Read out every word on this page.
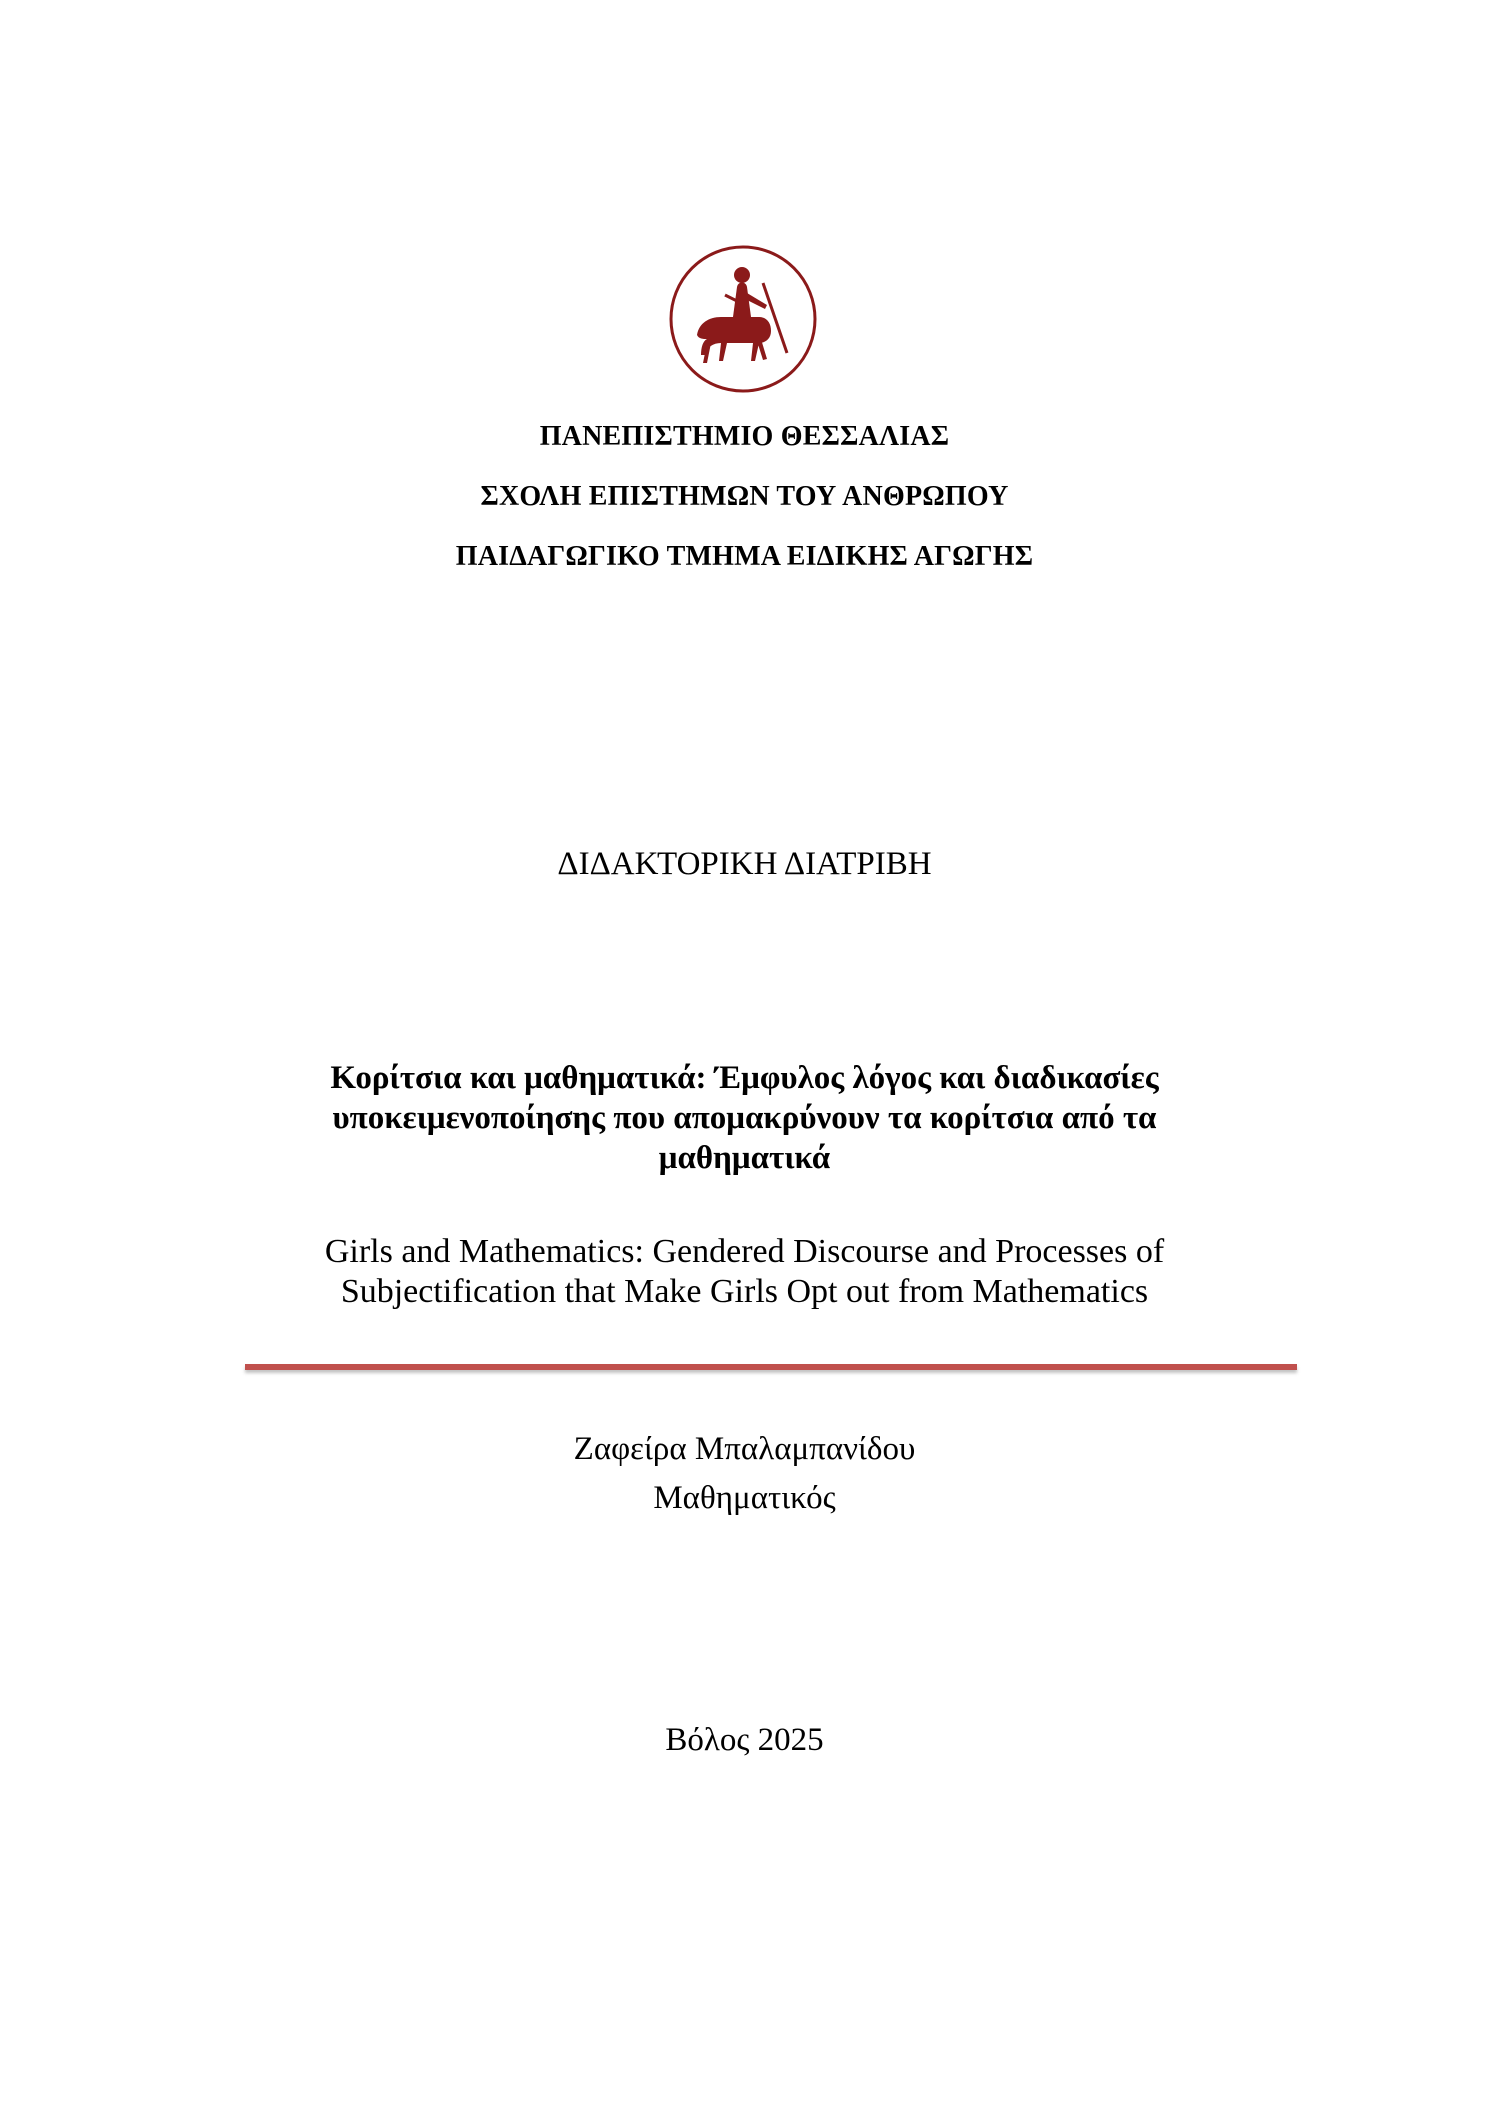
ΠΑΝΕΠΙΣΤΗΜΙΟ ΘΕΣΣΑΛΙΑΣ
ΣΧΟΛΗ ΕΠΙΣΤΗΜΩΝ ΤΟΥ ΑΝΘΡΩΠΟΥ
ΠΑΙΔΑΓΩΓΙΚΟ ΤΜΗΜΑ ΕΙΔΙΚΗΣ ΑΓΩΓΗΣ
ΔΙΔΑΚΤΟΡΙΚΗ ΔΙΑΤΡΙΒΗ
Κορίτσια και μαθηματικά: Έμφυλος λόγος και διαδικασίες
υποκειμενοποίησης που απομακρύνουν τα κορίτσια από τα
μαθηματικά
Girls and Mathematics: Gendered Discourse and Processes of
Subjectification that Make Girls Opt out from Mathematics
Ζαφείρα Μπαλαμπανίδου
Μαθηματικός
Βόλος 2025
